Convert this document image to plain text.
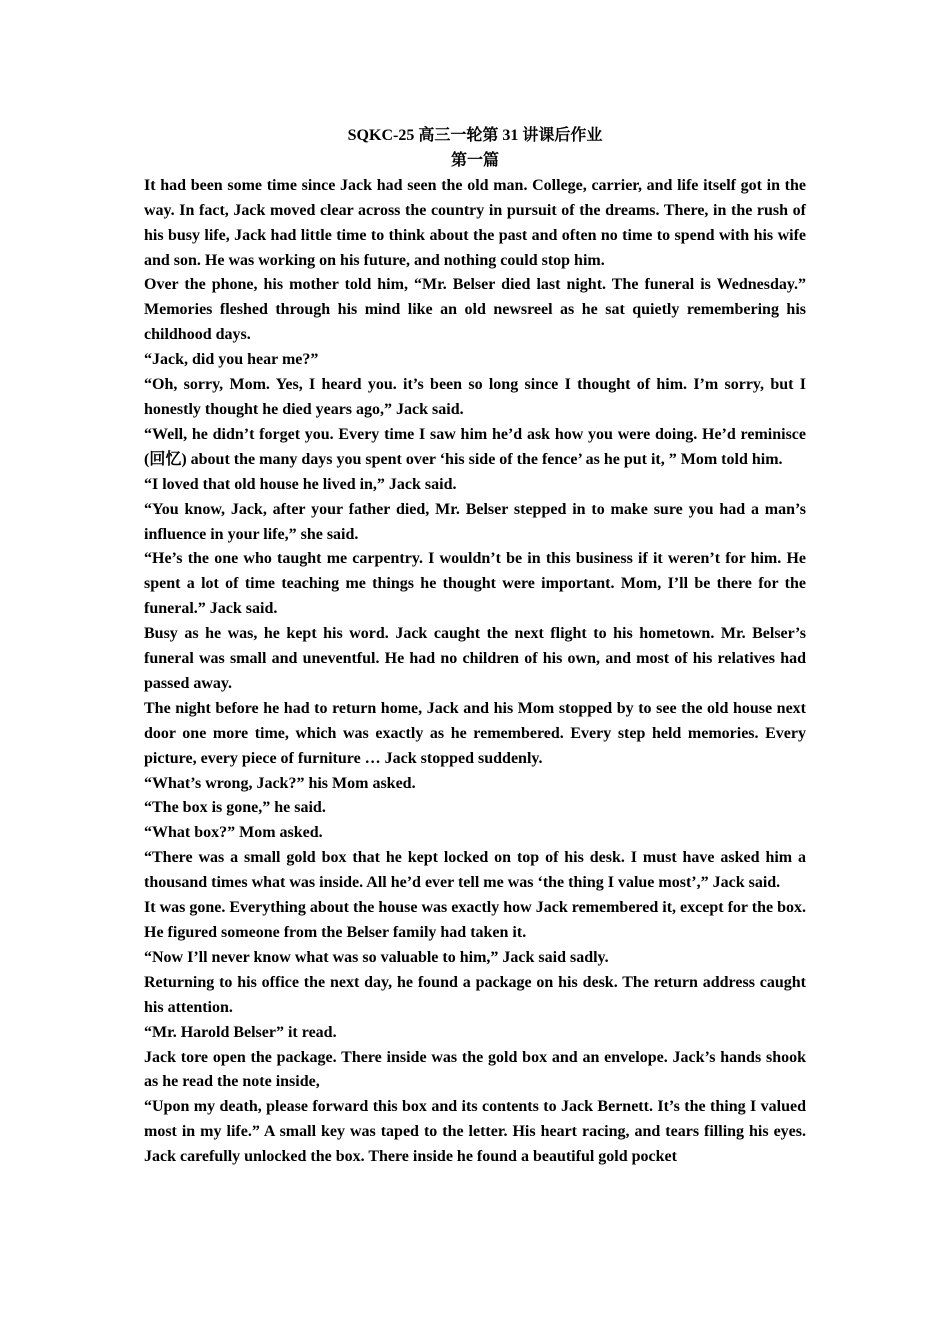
SQKC-25 高三一轮第 31 讲课后作业

第一篇

It had been some time since Jack had seen the old man. College, carrier, and life itself got in the way. In fact, Jack moved clear across the country in pursuit of the dreams. There, in the rush of his busy life, Jack had little time to think about the past and often no time to spend with his wife and son. He was working on his future, and nothing could stop him.

Over the phone, his mother told him, “Mr. Belser died last night. The funeral is Wednesday.” Memories fleshed through his mind like an old newsreel as he sat quietly remembering his childhood days.

“Jack, did you hear me?”

“Oh, sorry, Mom. Yes, I heard you. it’s been so long since I thought of him. I’m sorry, but I honestly thought he died years ago,” Jack said.

“Well, he didn’t forget you. Every time I saw him he’d ask how you were doing. He’d reminisce (回忆) about the many days you spent over ‘his side of the fence’ as he put it, ” Mom told him.

“I loved that old house he lived in,” Jack said.

“You know, Jack, after your father died, Mr. Belser stepped in to make sure you had a man’s influence in your life,” she said.

“He’s the one who taught me carpentry. I wouldn’t be in this business if it weren’t for him. He spent a lot of time teaching me things he thought were important. Mom, I’ll be there for the funeral.” Jack said.

Busy as he was, he kept his word. Jack caught the next flight to his hometown. Mr. Belser’s funeral was small and uneventful. He had no children of his own, and most of his relatives had passed away.

The night before he had to return home, Jack and his Mom stopped by to see the old house next door one more time, which was exactly as he remembered. Every step held memories. Every picture, every piece of furniture … Jack stopped suddenly.

“What’s wrong, Jack?” his Mom asked.

“The box is gone,” he said.

“What box?” Mom asked.

“There was a small gold box that he kept locked on top of his desk. I must have asked him a thousand times what was inside. All he’d ever tell me was ‘the thing I value most’,” Jack said.

It was gone. Everything about the house was exactly how Jack remembered it, except for the box. He figured someone from the Belser family had taken it.

“Now I’ll never know what was so valuable to him,” Jack said sadly.

Returning to his office the next day, he found a package on his desk. The return address caught his attention.

“Mr. Harold Belser” it read.

Jack tore open the package. There inside was the gold box and an envelope. Jack’s hands shook as he read the note inside,

“Upon my death, please forward this box and its contents to Jack Bernett. It’s the thing I valued most in my life.” A small key was taped to the letter. His heart racing, and tears filling his eyes. Jack carefully unlocked the box. There inside he found a beautiful gold pocket
